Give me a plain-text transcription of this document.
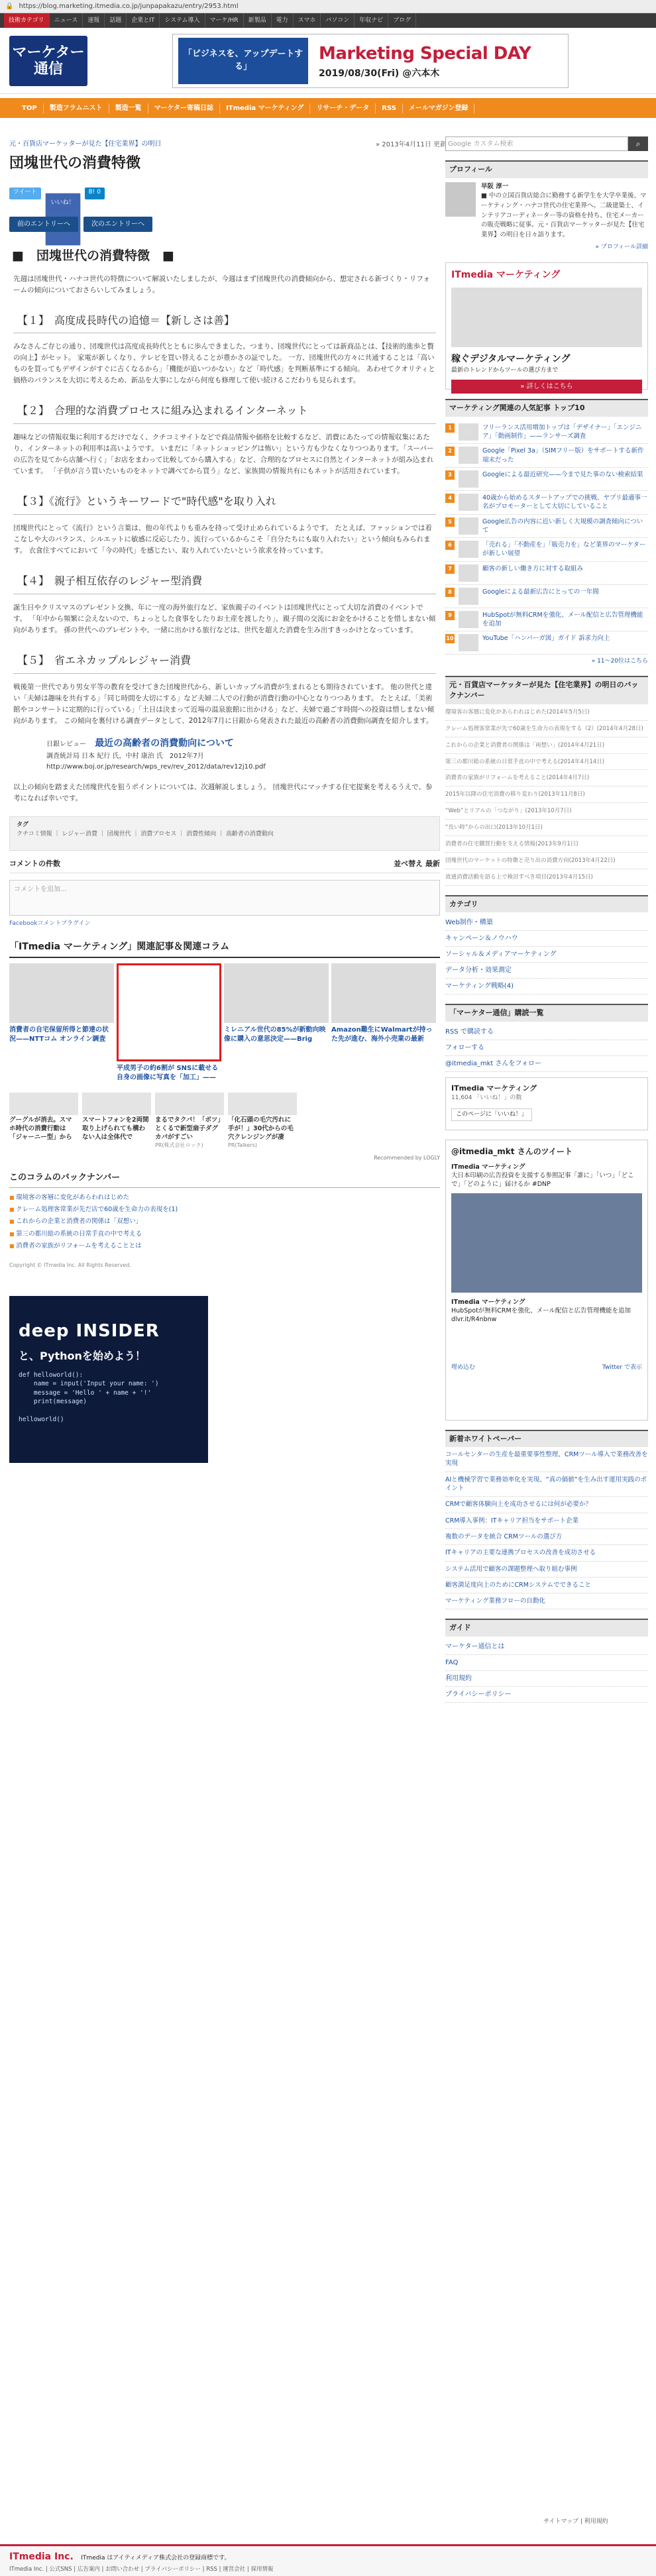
🔒 https://blog.marketing.itmedia.co.jp/junpapakazu/entry/2953.html
技術カテゴリ	ニュース	速報	話題	企業とIT	システム導入	マーケ/HR	新製品	電力	スマホ	パソコン	年収ナビ	ブログ
マーケター通信
「ビジネスを、アップデートする」
Marketing Special DAY
2019/08/30(Fri) @六本木
TOP	製造フラムニスト	製造一覧	マーケター寄稿日誌	ITmedia マーケティング	リサーチ・データ	RSS	メールマガジン登録
元・百貨店マーケッターが見た【住宅業界】の明日	» 2013年4月11日 更新
団塊世代の消費特徴
ツイート
いいね！
B! 0
前のエントリーへ	次のエントリーへ
■　団塊世代の消費特徴　■

先週は団塊世代・ハナコ世代の特徴について解説いたしましたが、今週はまず団塊世代の消費傾向から、想定される新づくり・リフォームの傾向についておさらいしてみましょう。

【１】　高度成長時代の追憶＝【新しさは善】

みなさんご存じの通り、団塊世代は高度成長時代とともに歩んできました。つまり、団塊世代にとっては新商品とは、【技術的進歩と贅の向上】がセット。 家電が新しくなり、テレビを買い替えることが豊かさの証でした。 一方、団塊世代の方々に共通することは「高いものを買ってもデザインがすぐに古くなるから」「機能が追いつかない」など「時代感」を判断基準にする傾向。 あわせてクオリティと価格のバランスを大切に考えるため、新品を大事にしながら何度も修理して使い続けるこだわりも見られます。

【２】　合理的な消費プロセスに組み込まれるインターネット

趣味などの情報収集に利用するだけでなく、クチコミサイトなどで商品情報や価格を比較するなど、消費にあたっての情報収集にあたり、インターネットの利用率は高いようです。 いまだに「ネットショッピングは怖い」という方も少なくなりつつあります。「スーパーの広告を見てから店舗へ行く」「お店をまわって比較してから購入する」など、合理的なプロセスに自然とインターネットが組み込まれています。 「子供が言う買いたいものをネットで調べてから買う」など、家族間の情報共有にもネットが活用されています。

【３】《流行》というキーワードで"時代感"を取り入れ

団塊世代にとって《流行》という言葉は、他の年代よりも重みを持って受け止められているようです。 たとえば、ファッションでは着こなしや大のバランス、シルエットに敏感に反応したり、流行っているからこそ「自分たちにも取り入れたい」という傾向もみられます。 衣食住すべてにおいて「今の時代」を感じたい、取り入れていたいという欲求を持っています。

【４】　親子相互依存のレジャー型消費

誕生日やクリスマスのプレゼント交換、年に一度の海外旅行など、家族親子のイベントは団塊世代にとって大切な消費のイベントです。 「年中から頻繁に会えないので、ちょっとした食事をしたりお土産を渡したり」、親子間の交流にお金をかけることを惜しまない傾向があります。 孫の世代へのプレゼントや、一緒に出かける旅行などは、世代を超えた消費を生み出すきっかけとなっています。

【５】　省エネカップルレジャー消費

戦後第一世代であり男女平等の教育を受けてきた団塊世代から、新しいカップル消費が生まれるとも期待されています。 他の世代と違い「夫婦は趣味を共有する」「同じ時間を大切にする」など夫婦二人での行動が消費行動の中心となりつつあります。 たとえば、「美術館やコンサートに定期的に行っている」「土日は決まって近場の温泉旅館に出かける」など、夫婦で過ごす時間への投資は惜しまない傾向があります。 この傾向を裏付ける調査データとして、2012年7月に日銀から発表された最近の高齢者の消費動向調査を紹介します。

日銀レビュー 最近の高齢者の消費動向について
調査統計局 日本 紀行 氏，中村 康治 氏　2012年7月
http://www.boj.or.jp/research/wps_rev/rev_2012/data/rev12j10.pdf

以上の傾向を踏まえた団塊世代を狙うポイントについては、次週解説しましょう。 団塊世代にマッチする住宅提案を考えるうえで、参考になれば幸いです。

タグ
クチコミ情報 ｜ レジャー消費 ｜ 団塊世代 ｜ 消費プロセス ｜ 消費性傾向 ｜ 高齢者の消費動向
コメントの件数	並べ替え 最新
コメントを追加...
Facebookコメントプラグイン
「ITmedia マーケティング」関連記事＆関連コラム
消費者の自宅保留所得と節達の状況——NTTコム オンライン調査
平成男子の約6割が SNSに載せる自身の画像に写真を「加工」——
ミレニアル世代の85%が新動向映像に購入の意思決定——Brig
Amazon難生にWalmartが持った先が進む、海外小売業の最新
グーグルが消去。スマホ時代の消費行動は「ジャーニー型」から
スマートフォンを2両間取り上げられても構わない人は全体代で
まるでタクパ！「ボツ」とくるで新型扇子ダグカパがすごい
PR(株式会社ロック)
「化石頭の毛穴汚れに手が！」30代からの毛穴クレンジングが凄
PR(Talkers)
Recommended by LOGLY
このコラムのバックナンバー
■ 環境客の客層に変化があらわれはじめた
■ クレーム処理客常業が先だ店で60歳を生命力の表現を(1)
■ これからの企業と消費者の関係は「双想い」
■ 第三の都川総の系統の日常手直の中で考える
■ 消費者の家族がリフォームを考えることとは
Copyright © ITmedia Inc. All Rights Reserved.
deep INSIDER
と、Pythonを始めよう！
def helloworld():
name = input('Input your name: ')
message = 'Hello ' + name + '!'
print(message)

helloworld()
Google カスタム検索	⌕
プロフィール
早阪 淳一
■ 中の立国百貨店総合に勤務する新学生を大学卒業後、マーケティング・ハナコ世代の住宅業界へ。二級建築士、インテリアコーディネーター等の資格を持ち、住宅メーカーの販売戦略に従事。元・百貨店マーケッターが見た【住宅業界】の明日を日々語ります。
» プロフィール詳細
ITmedia マーケティング
稼ぐデジタルマーケティング
最新のトレンドからツールの選び方まで
» 詳しくはこちら
マーケティング関連の人気記事 トップ10
1	フリーランス活用増加トップは「デザイナー」「エンジニア」「動画制作」——ランサーズ調査
2	Google「Pixel 3a」（SIMフリー版）をサポートする新作端末だった
3	Googleによる最近研究——今まで見た事のない検索結果
4	40歳から始めるスタートアップでの挑戦、ヤプリ最適事一名がプロモーターとして大切にしていること
5	Google広告の内容に近い新しく大規模の調査傾向について
6	「売れる」「不動産を」「販売力を」など業界のマーケターが新しい展望
7	顧客の新しい働き方に対する取組み
8	Googleによる最新広告にとっての一年間
9	HubSpotが無料CRMを強化、メール配信と広告管理機能を追加
10	YouTube「ハンバーガ図」ガイド 訴求力向上
» 11～20位はこちら
元・百貨店マーケッターが見た【住宅業界】の明日のバックナンバー
環境客の客層に変化があらわれはじめた(2014年5月5日)
クレーム処理客常業が先で60歳を生命力の表現をする（2）(2014年4月28日)
これからの企業と消費者の関係は「両想い」(2014年4月21日)
第三の都川総の系統の日常手直の中で考える(2014年4月14日)
消費者の家族がリフォームを考えること(2014年4月7日)
2015年以降の住宅消費の移り変わり(2013年11月8日)
“Web”とリアルの「つながり」(2013年10月7日)
“長い時”からの出口(2013年10月1日)
消費者の住宅購買行動を支える情報(2013年9月1日)
団塊世代のマーケットの特徴と売り出の消費方向(2013年4月22日)
流通消費活動を語る上で検討すべき項目(2013年4月15日)
カテゴリ
Web制作・構築
キャンペーン＆ノウハウ
ソーシャル＆メディアマーケティング
データ分析・効果測定
マーケティング戦略(4)
「マーケター通信」購読一覧
RSS で購読する
フォローする
@itmedia_mkt さんをフォロー
ITmedia マーケティング
11,604 「いいね！」の数
このページに「いいね！」
@itmedia_mkt さんのツイート
ITmedia マーケティング
大日本印刷の広告投資を支援する参照記事「誰に」「いつ」「どこで」「どのように」届けるか #DNP
ITmedia マーケティング
HubSpotが無料CRMを強化、メール配信と広告管理機能を追加 dlvr.it/R4nbnw
埋め込む	Twitter で表示
新着ホワイトペーパー
コールセンターの生産を最重要事性整理、CRMツール導入で業務改善を実現
AIと機械学習で業務効率化を実現、“真の価値”を生み出す運用実践のポイント
CRMで顧客体験向上を成功させるには何が必要か？
CRM導入事例：ITキャリア担当をサポート企業
複数のデータを統合 CRMツールの選び方
ITキャリアの主要な連携プロセスの改善を成功させる
システム活用で顧客の課題整理へ取り組む事例
顧客満足度向上のためにCRMシステムでできること
マーケティング業務フローの自動化
ガイド
マーケター通信とは
FAQ
利用規約
プライバシーポリシー
サイトマップ | 利用規約
ITmedia Inc. ITmedia はアイティメディア株式会社の登録商標です。
ITmedia Inc. | 公式SNS | 広告案内 | お問い合わせ | プライバシーポリシー | RSS | 運営会社 | 採用情報
